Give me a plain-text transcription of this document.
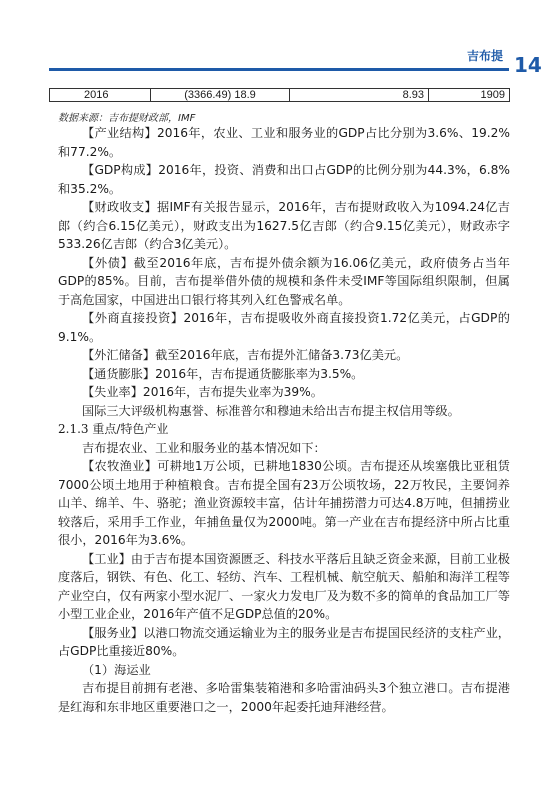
吉布提 14
2016	(3366.49) 18.9	8.93	1909
数据来源：吉布提财政部，IMF

【产业结构】2016年，农业、工业和服务业的GDP占比分别为3.6%、19.2%和77.2%。

【GDP构成】2016年，投资、消费和出口占GDP的比例分别为44.3%，6.8%和35.2%。

【财政收支】据IMF有关报告显示，2016年，吉布提财政收入为1094.24亿吉郎（约合6.15亿美元），财政支出为1627.5亿吉郎（约合9.15亿美元），财政赤字533.26亿吉郎（约合3亿美元）。

【外债】截至2016年底，吉布提外债余额为16.06亿美元，政府债务占当年GDP的85%。目前，吉布提举借外债的规模和条件未受IMF等国际组织限制，但属于高危国家，中国进出口银行将其列入红色警戒名单。

【外商直接投资】2016年，吉布提吸收外商直接投资1.72亿美元，占GDP的 9.1%。

【外汇储备】截至2016年底，吉布提外汇储备3.73亿美元。

【通货膨胀】2016年，吉布提通货膨胀率为3.5%。

【失业率】2016年，吉布提失业率为39%。

国际三大评级机构惠誉、标准普尔和穆迪未给出吉布提主权信用等级。

2.1.3 重点/特色产业

吉布提农业、工业和服务业的基本情况如下：

【农牧渔业】可耕地1万公顷，已耕地1830公顷。吉布提还从埃塞俄比亚租赁7000公顷土地用于种植粮食。吉布提全国有23万公顷牧场，22万牧民，主要饲养山羊、绵羊、牛、骆驼；渔业资源较丰富，估计年捕捞潜力可达4.8万吨，但捕捞业较落后，采用手工作业，年捕鱼量仅为2000吨。第一产业在吉布提经济中所占比重很小，2016年为3.6%。

【工业】由于吉布提本国资源匮乏、科技水平落后且缺乏资金来源，目前工业极度落后，钢铁、有色、化工、轻纺、汽车、工程机械、航空航天、船舶和海洋工程等产业空白，仅有两家小型水泥厂、一家火力发电厂及为数不多的简单的食品加工厂等小型工业企业，2016年产值不足GDP总值的20%。

【服务业】以港口物流交通运输业为主的服务业是吉布提国民经济的支柱产业，占GDP比重接近80%。

（1）海运业

吉布提目前拥有老港、多哈雷集装箱港和多哈雷油码头3个独立港口。吉布提港是红海和东非地区重要港口之一，2000年起委托迪拜港经营。
